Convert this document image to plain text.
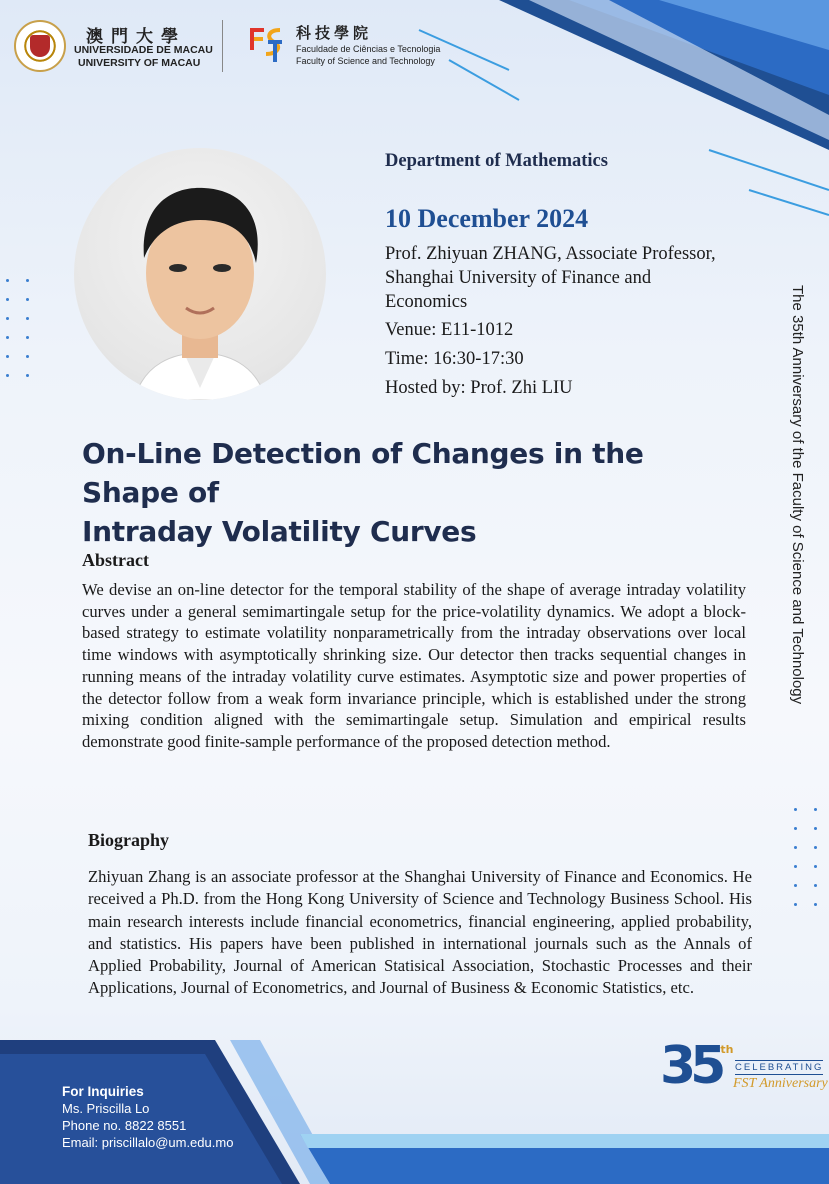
澳門大學
UNIVERSIDADE DE MACAU
UNIVERSITY OF MACAU
科技學院
Faculdade de Ciências e Tecnologia
Faculty of Science and Technology
Department of Mathematics
10 December 2024
Prof. Zhiyuan ZHANG, Associate Professor,
Shanghai University of Finance and
Economics
Venue: E11-1012
Time: 16:30-17:30
Hosted by: Prof. Zhi LIU	The 35th Anniversary of the Faculty of Science and Technology
On-Line Detection of Changes in the Shape of
Intraday Volatility Curves
Abstract
We devise an on-line detector for the temporal stability of the shape of average intraday volatility curves under a general semimartingale setup for the price-volatility dynamics. We adopt a block-based strategy to estimate volatility nonparametrically from the intraday observations over local time windows with asymptotically shrinking size. Our detector then tracks sequential changes in running means of the intraday volatility curve estimates. Asymptotic size and power properties of the detector follow from a weak form invariance principle, which is established under the strong mixing condition aligned with the semimartingale setup. Simulation and empirical results demonstrate good finite-sample performance of the proposed detection method.
Biography
Zhiyuan Zhang is an associate professor at the Shanghai University of Finance and Economics. He received a Ph.D. from the Hong Kong University of Science and Technology Business School. His main research interests include financial econometrics, financial engineering, applied probability, and statistics. His papers have been published in international journals such as the Annals of Applied Probability, Journal of American Statisical Association, Stochastic Processes and their Applications, Journal of Econometrics, and Journal of Business & Economic Statistics, etc.
For Inquiries
Ms. Priscilla Lo
Phone no. 8822 8551
Email: priscillalo@um.edu.mo
35th
CELEBRATING
FST Anniversary
